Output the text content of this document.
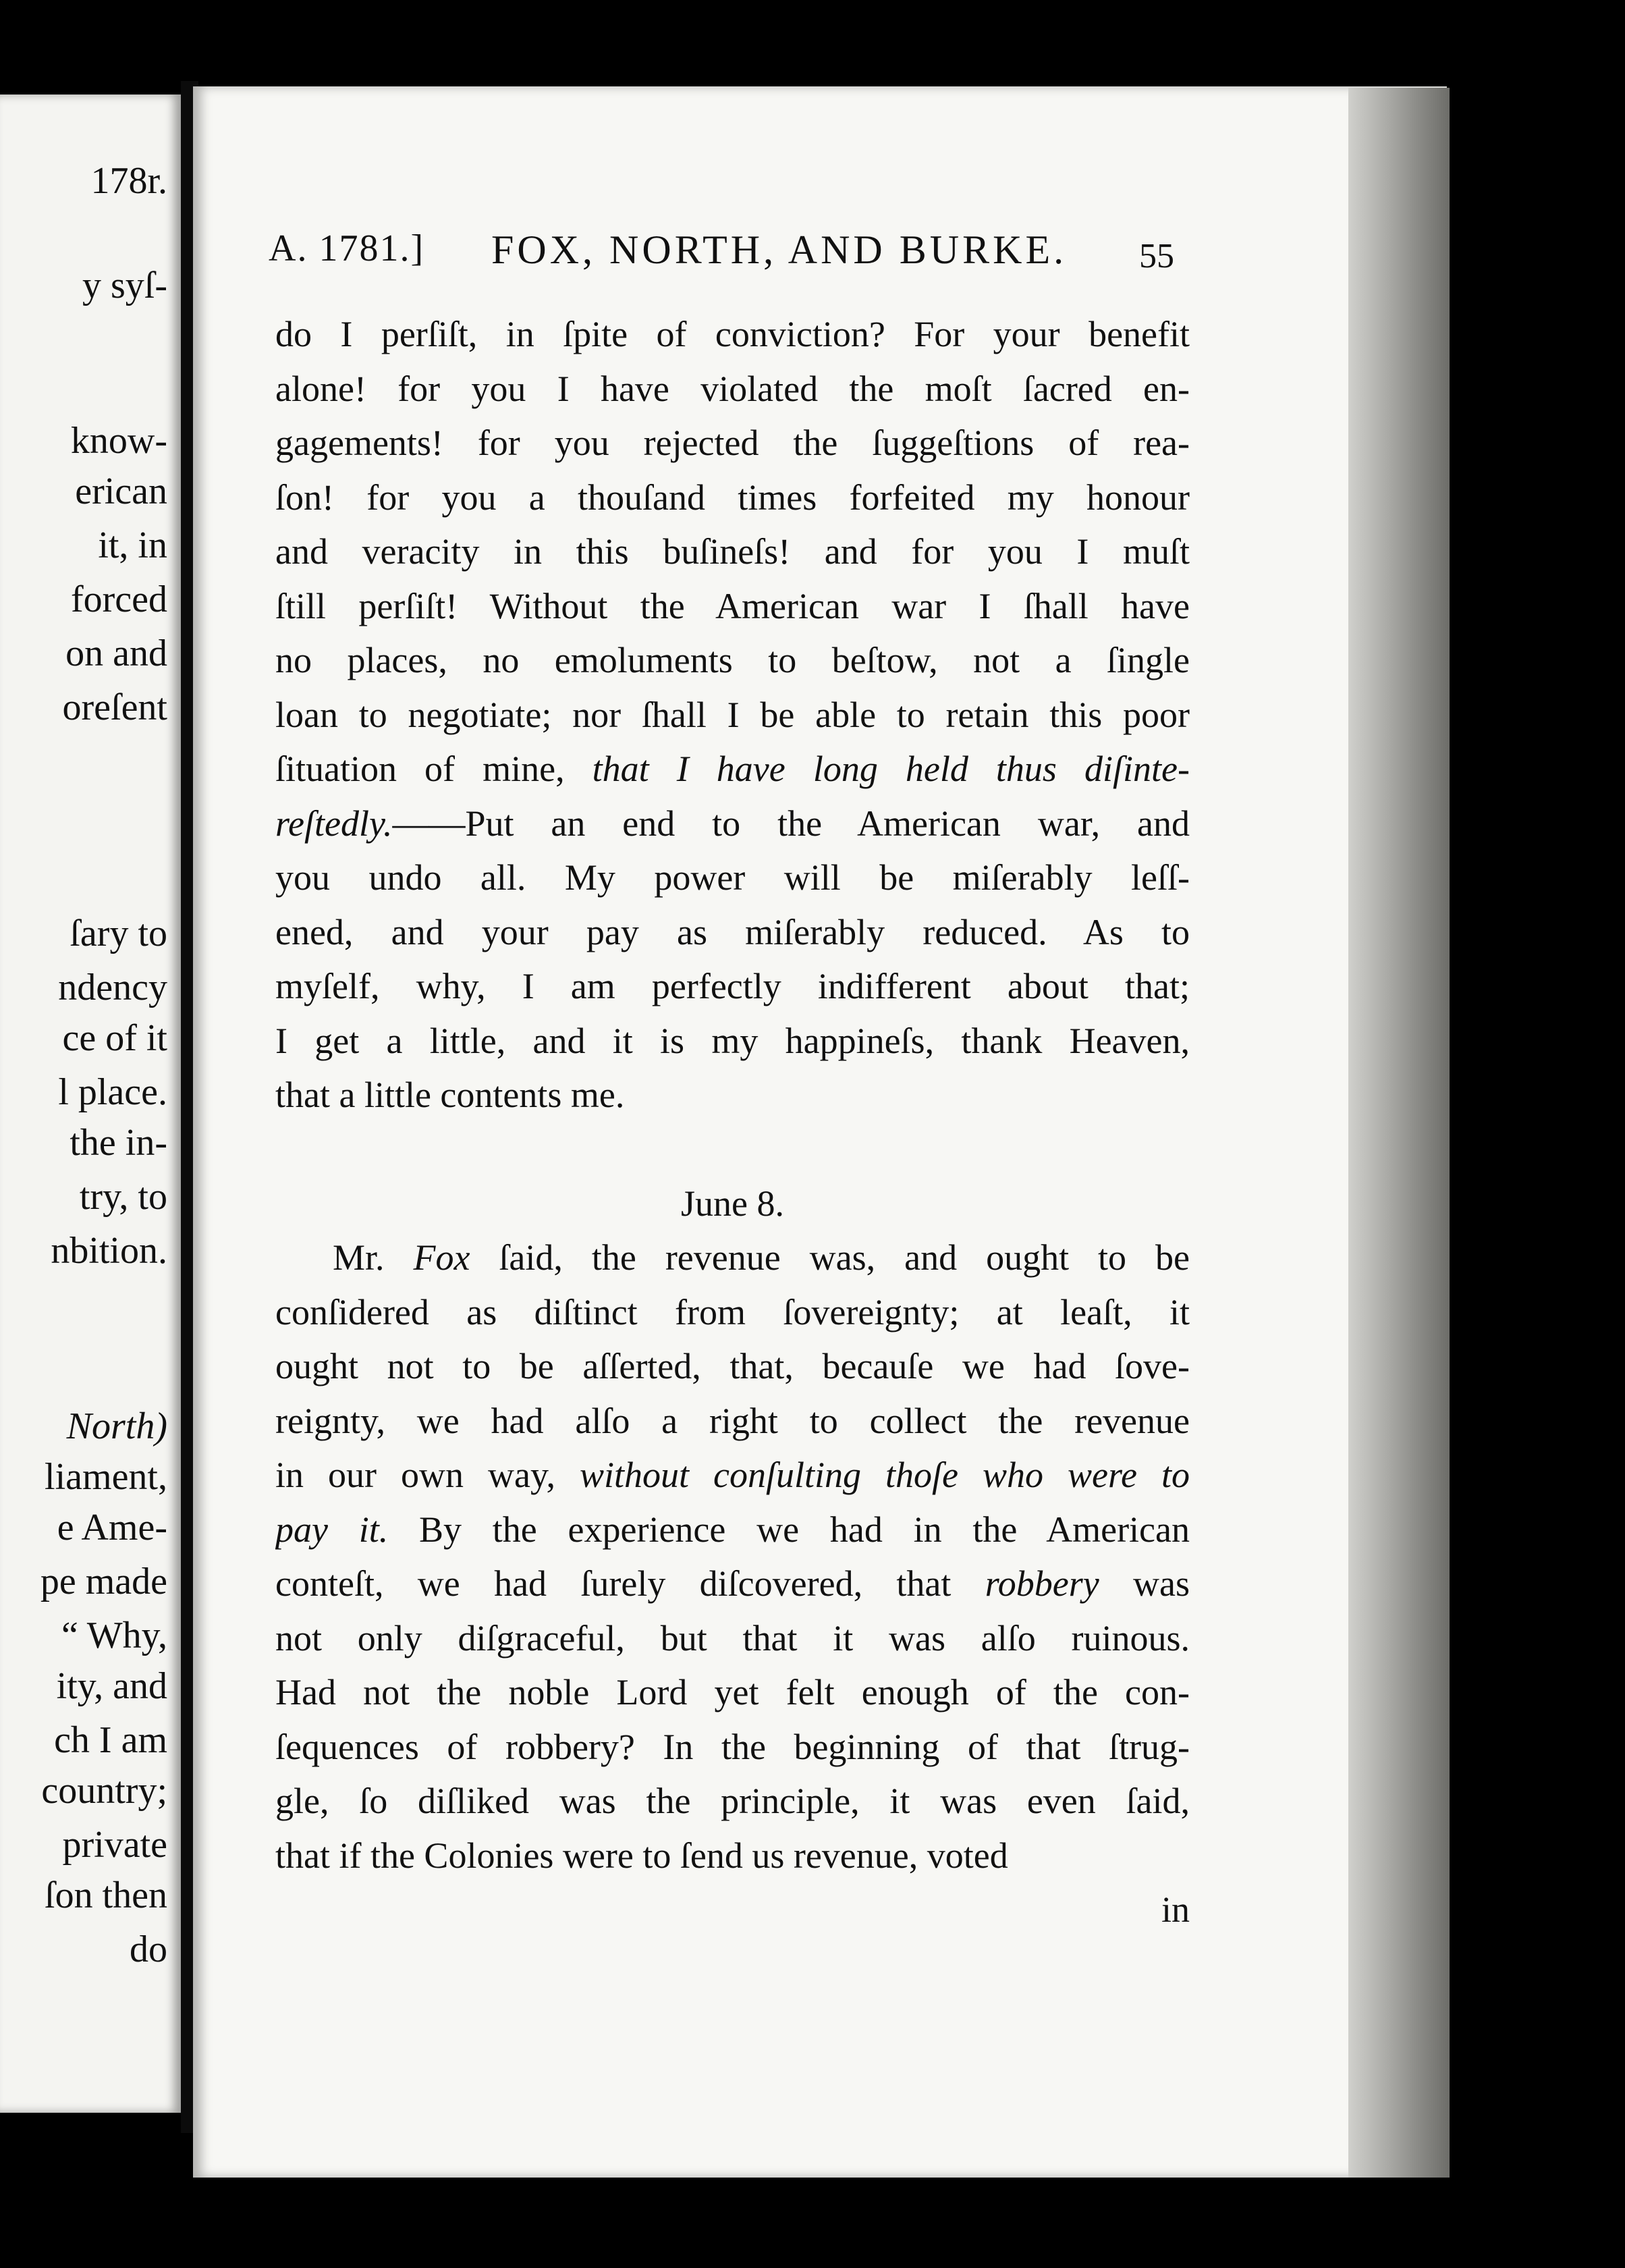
178r.
y syſ-
know-
erican
it, in
forced
on and
oreſent
ſary to
ndency
ce of it
l place.
the in-
try, to
nbition.
North)
liament,
e Ame-
pe made
“ Why,
ity, and
ch I am
country;
private
ſon then
do
A. 1781.] FOX, NORTH, AND BURKE. 55
do I perſiſt, in ſpite of conviction? For your benefit
alone! for you I have violated the moſt ſacred en-
gagements! for you rejected the ſuggeſtions of rea-
ſon! for you a thouſand times forfeited my honour
and veracity in this buſineſs! and for you I muſt
ſtill perſiſt! Without the American war I ſhall have
no places, no emoluments to beſtow, not a ſingle
loan to negotiate; nor ſhall I be able to retain this poor
ſituation of mine, that I have long held thus diſinte-
reſtedly.——Put an end to the American war, and
you undo all. My power will be miſerably leſſ-
ened, and your pay as miſerably reduced. As to
myſelf, why, I am perfectly indifferent about that;
I get a little, and it is my happineſs, thank Heaven,
that a little contents me.
June 8.
Mr. Fox ſaid, the revenue was, and ought to be
conſidered as diſtinct from ſovereignty; at leaſt, it
ought not to be aſſerted, that, becauſe we had ſove-
reignty, we had alſo a right to collect the revenue
in our own way, without conſulting thoſe who were to
pay it. By the experience we had in the American
conteſt, we had ſurely diſcovered, that robbery was
not only diſgraceful, but that it was alſo ruinous.
Had not the noble Lord yet felt enough of the con-
ſequences of robbery? In the beginning of that ſtrug-
gle, ſo diſliked was the principle, it was even ſaid,
that if the Colonies were to ſend us revenue, voted
in
